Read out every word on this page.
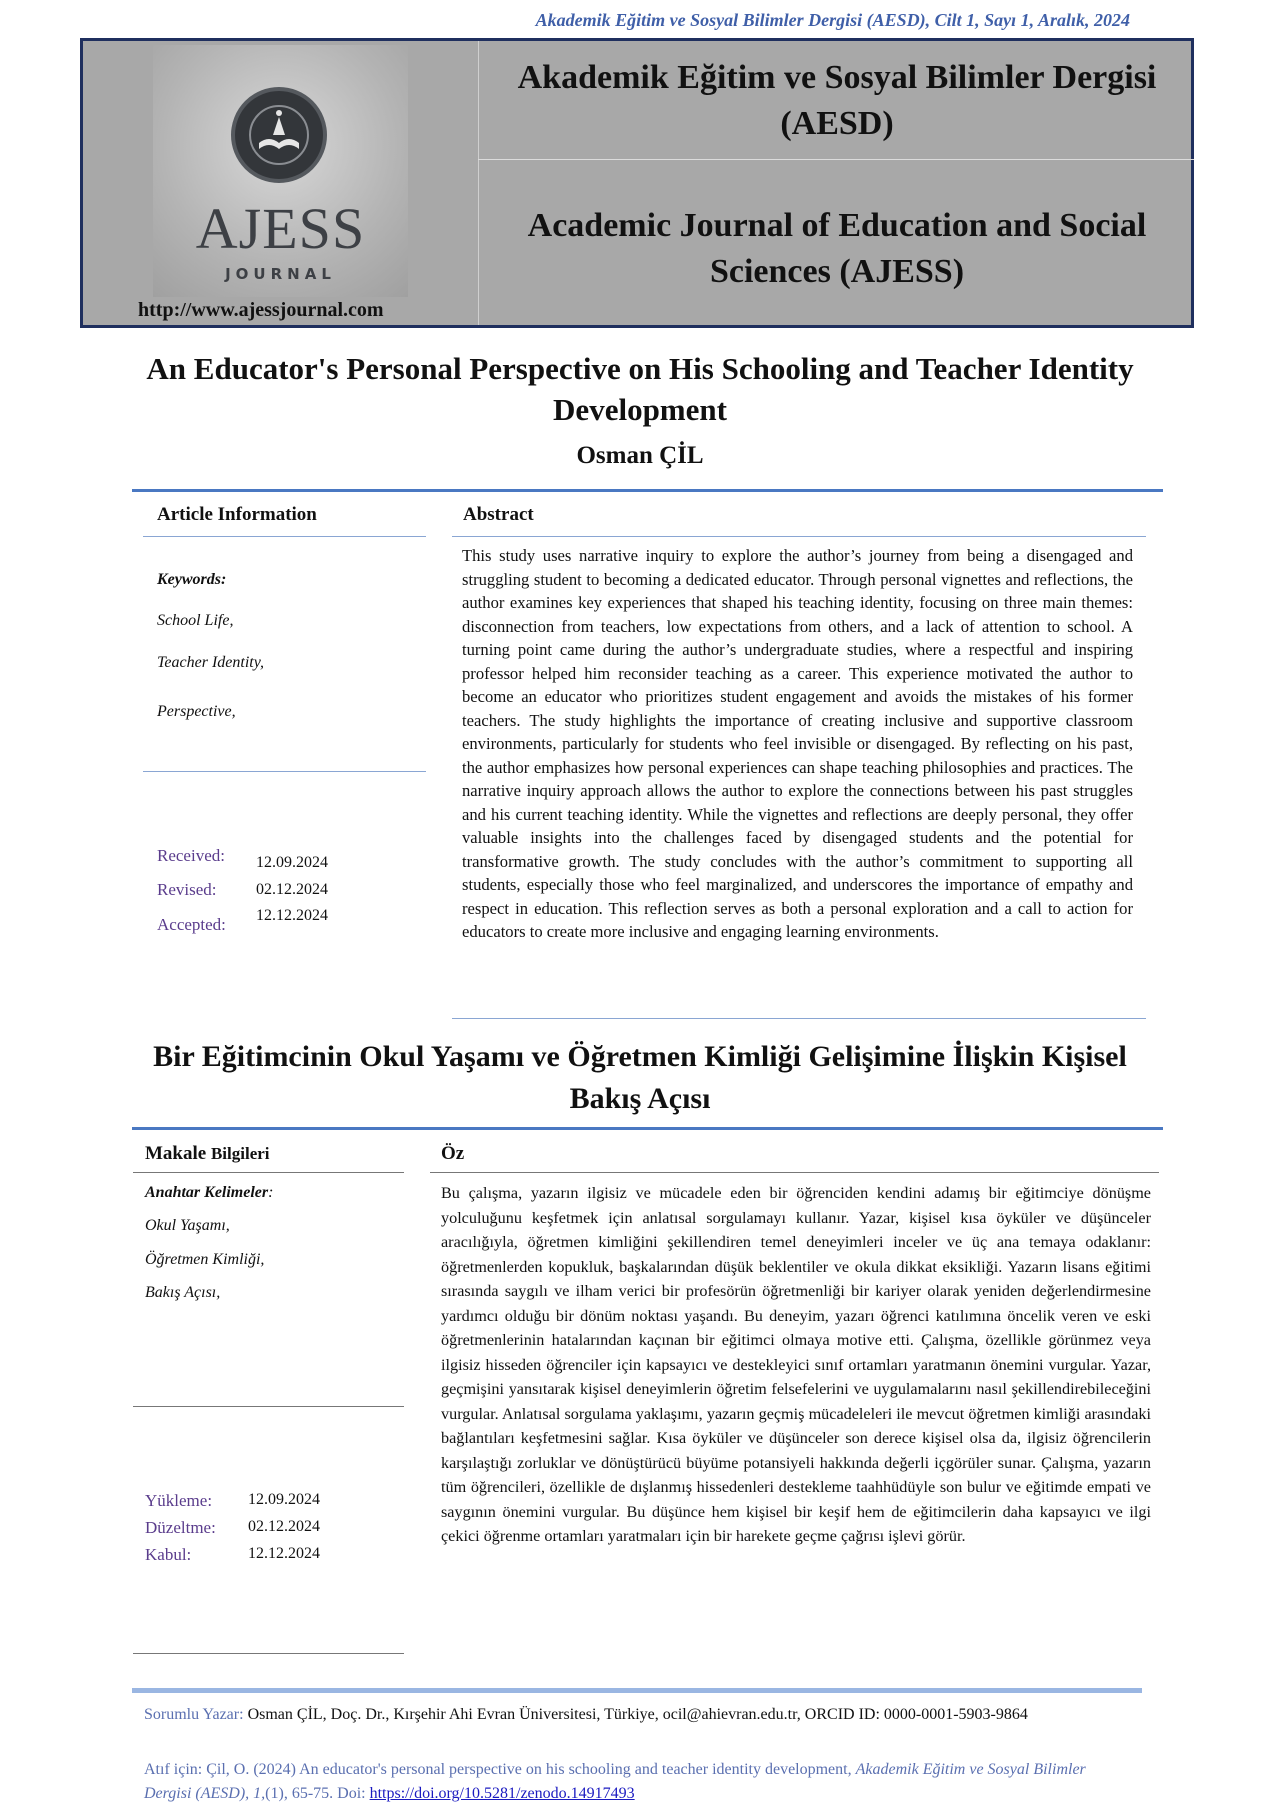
Akademik Eğitim ve Sosyal Bilimler Dergisi (AESD), Cilt 1, Sayı 1, Aralık, 2024
AJESS
JOURNAL
http://www.ajessjournal.com
Akademik Eğitim ve Sosyal Bilimler Dergisi (AESD)
Academic Journal of Education and Social Sciences (AJESS)
An Educator's Personal Perspective on His Schooling and Teacher Identity Development
Osman ÇİL
Article Information	Abstract
Keywords:
School Life,
Teacher Identity,
Perspective,
Received: 12.09.2024
Revised: 02.12.2024
Accepted: 12.12.2024
This study uses narrative inquiry to explore the author’s journey from being a disengaged and struggling student to becoming a dedicated educator. Through personal vignettes and reflections, the author examines key experiences that shaped his teaching identity, focusing on three main themes: disconnection from teachers, low expectations from others, and a lack of attention to school. A turning point came during the author’s undergraduate studies, where a respectful and inspiring professor helped him reconsider teaching as a career. This experience motivated the author to become an educator who prioritizes student engagement and avoids the mistakes of his former teachers. The study highlights the importance of creating inclusive and supportive classroom environments, particularly for students who feel invisible or disengaged. By reflecting on his past, the author emphasizes how personal experiences can shape teaching philosophies and practices. The narrative inquiry approach allows the author to explore the connections between his past struggles and his current teaching identity. While the vignettes and reflections are deeply personal, they offer valuable insights into the challenges faced by disengaged students and the potential for transformative growth. The study concludes with the author’s commitment to supporting all students, especially those who feel marginalized, and underscores the importance of empathy and respect in education. This reflection serves as both a personal exploration and a call to action for educators to create more inclusive and engaging learning environments.
Bir Eğitimcinin Okul Yaşamı ve Öğretmen Kimliği Gelişimine İlişkin Kişisel Bakış Açısı
Makale Bilgileri	Öz
Anahtar Kelimeler:
Okul Yaşamı,
Öğretmen Kimliği,
Bakış Açısı,
Yükleme: 12.09.2024
Düzeltme: 02.12.2024
Kabul:	12.12.2024
Bu çalışma, yazarın ilgisiz ve mücadele eden bir öğrenciden kendini adamış bir eğitimciye dönüşme yolculuğunu keşfetmek için anlatısal sorgulamayı kullanır. Yazar, kişisel kısa öyküler ve düşünceler aracılığıyla, öğretmen kimliğini şekillendiren temel deneyimleri inceler ve üç ana temaya odaklanır: öğretmenlerden kopukluk, başkalarından düşük beklentiler ve okula dikkat eksikliği. Yazarın lisans eğitimi sırasında saygılı ve ilham verici bir profesörün öğretmenliği bir kariyer olarak yeniden değerlendirmesine yardımcı olduğu bir dönüm noktası yaşandı. Bu deneyim, yazarı öğrenci katılımına öncelik veren ve eski öğretmenlerinin hatalarından kaçınan bir eğitimci olmaya motive etti. Çalışma, özellikle görünmez veya ilgisiz hisseden öğrenciler için kapsayıcı ve destekleyici sınıf ortamları yaratmanın önemini vurgular. Yazar, geçmişini yansıtarak kişisel deneyimlerin öğretim felsefelerini ve uygulamalarını nasıl şekillendirebileceğini vurgular. Anlatısal sorgulama yaklaşımı, yazarın geçmiş mücadeleleri ile mevcut öğretmen kimliği arasındaki bağlantıları keşfetmesini sağlar. Kısa öyküler ve düşünceler son derece kişisel olsa da, ilgisiz öğrencilerin karşılaştığı zorluklar ve dönüştürücü büyüme potansiyeli hakkında değerli içgörüler sunar. Çalışma, yazarın tüm öğrencileri, özellikle de dışlanmış hissedenleri destekleme taahhüdüyle son bulur ve eğitimde empati ve saygının önemini vurgular. Bu düşünce hem kişisel bir keşif hem de eğitimcilerin daha kapsayıcı ve ilgi çekici öğrenme ortamları yaratmaları için bir harekete geçme çağrısı işlevi görür.
Sorumlu Yazar: Osman ÇİL, Doç. Dr., Kırşehir Ahi Evran Üniversitesi, Türkiye, ocil@ahievran.edu.tr, ORCID ID: 0000-0001-5903-9864
Atıf için: Çil, O. (2024) An educator's personal perspective on his schooling and teacher identity development, Akademik Eğitim ve Sosyal Bilimler Dergisi (AESD), 1,(1), 65-75. Doi: https://doi.org/10.5281/zenodo.14917493
